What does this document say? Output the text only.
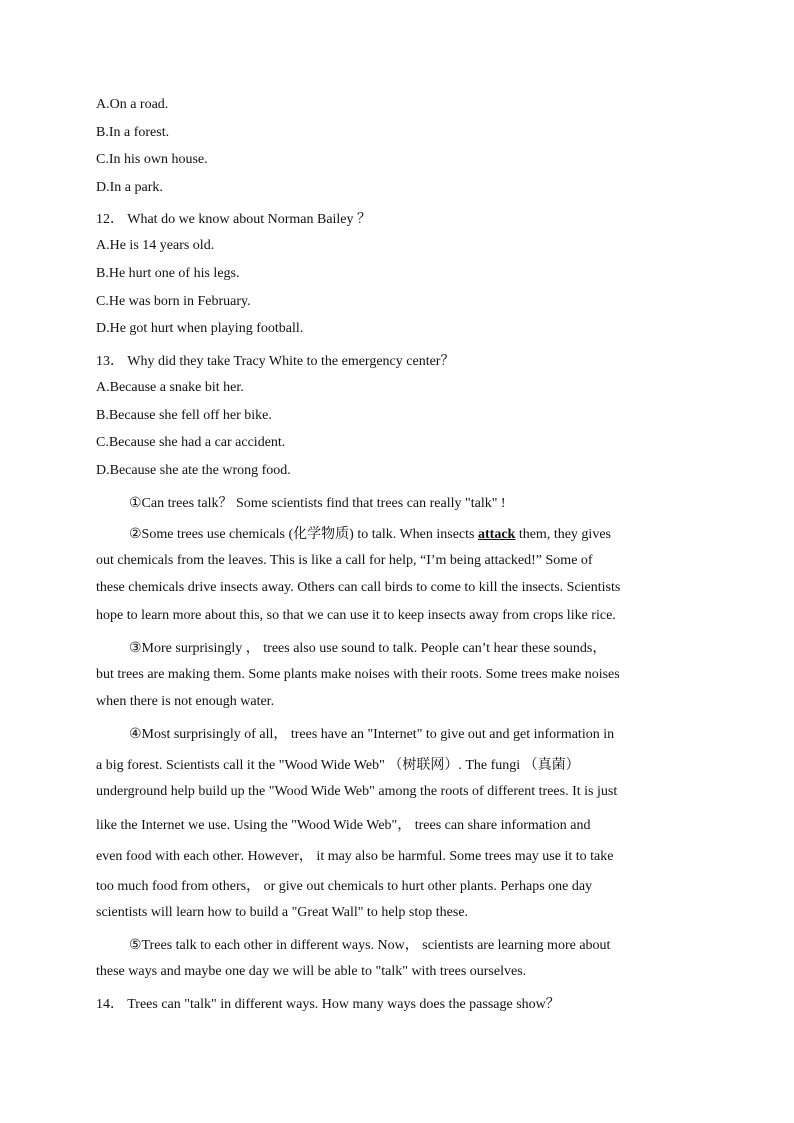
A.On a road.
B.In a forest.
C.In his own house.
D.In a park.
12． What do we know about Norman Bailey ？
A.He is 14 years old.
B.He hurt one of his legs.
C.He was born in February.
D.He got hurt when playing football.
13． Why did they take Tracy White to the emergency center？
A.Because a snake bit her.
B.Because she fell off her bike.
C.Because she had a car accident.
D.Because she ate the wrong food.
①Can trees talk？ Some scientists find that trees can really "talk" !
②Some trees use chemicals (化学物质) to talk. When insects attack them, they gives
out chemicals from the leaves. This is like a call for help, “I’m being attacked!” Some of
these chemicals drive insects away. Others can call birds to come to kill the insects. Scientists
hope to learn more about this, so that we can use it to keep insects away from crops like rice.
③More surprisingly ， trees also use sound to talk. People can’t hear these sounds，
but trees are making them. Some plants make noises with their roots. Some trees make noises
when there is not enough water.
④Most surprisingly of all， trees have an "Internet" to give out and get information in
a big forest. Scientists call it the "Wood Wide Web" （树联网）. The fungi （真菌）
underground help build up the "Wood Wide Web" among the roots of different trees. It is just
like the Internet we use. Using the "Wood Wide Web"， trees can share information and
even food with each other. However， it may also be harmful. Some trees may use it to take
too much food from others， or give out chemicals to hurt other plants. Perhaps one day
scientists will learn how to build a "Great Wall" to help stop these.
⑤Trees talk to each other in different ways. Now， scientists are learning more about
these ways and maybe one day we will be able to "talk" with trees ourselves.
14． Trees can "talk" in different ways. How many ways does the passage show？
